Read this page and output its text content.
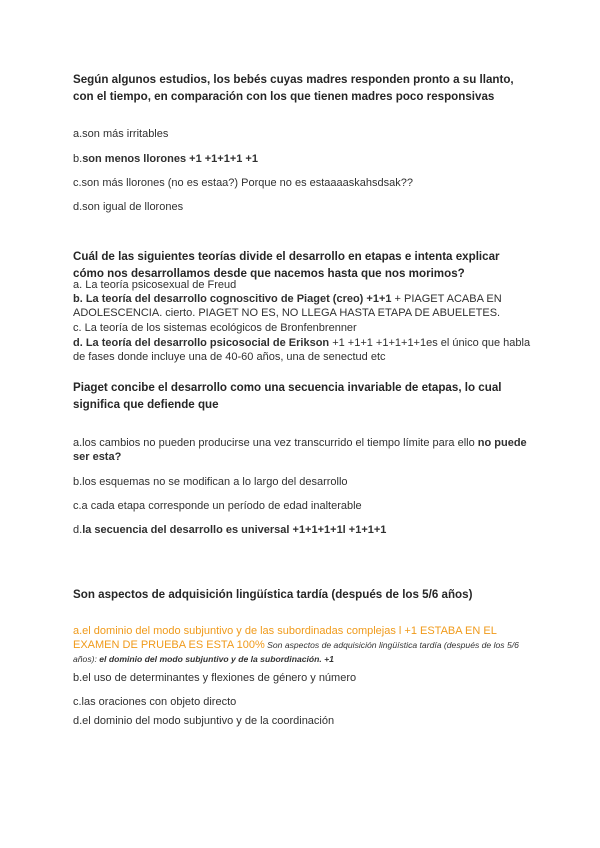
Según algunos estudios, los bebés cuyas madres responden pronto a su llanto, con el tiempo, en comparación con los que tienen madres poco responsivas
a.son más irritables
b.son menos llorones +1 +1+1+1 +1
c.son más llorones (no es estaa?) Porque no es estaaaaskahsdsak??
d.son igual de llorones
Cuál de las siguientes teorías divide el desarrollo en etapas e intenta explicar cómo nos desarrollamos desde que nacemos hasta que nos morimos?
a. La teoría psicosexual de Freud
b. La teoría del desarrollo cognoscitivo de Piaget (creo) +1+1 + PIAGET ACABA EN ADOLESCENCIA. cierto. PIAGET NO ES, NO LLEGA HASTA ETAPA DE ABUELETES.
c. La teoría de los sistemas ecológicos de Bronfenbrenner
d. La teoría del desarrollo psicosocial de Erikson +1 +1+1 +1+1+1+1es el único que habla de fases donde incluye una de 40-60 años, una de senectud etc
Piaget concibe el desarrollo como una secuencia invariable de etapas, lo cual significa que defiende que
a.los cambios no pueden producirse una vez transcurrido el tiempo límite para ello no puede ser esta?
b.los esquemas no se modifican a lo largo del desarrollo
c.a cada etapa corresponde un período de edad inalterable
d.la secuencia del desarrollo es universal +1+1+1+1l +1+1+1
Son aspectos de adquisición lingüística tardía (después de los 5/6 años)
a.el dominio del modo subjuntivo y de las subordinadas complejas l +1 ESTABA EN EL EXAMEN DE PRUEBA ES ESTA 100% Son aspectos de adquisición lingüística tardía (después de los 5/6 años): el dominio del modo subjuntivo y de la subordinación. +1
b.el uso de determinantes y flexiones de género y número
c.las oraciones con objeto directo
d.el dominio del modo subjuntivo y de la coordinación
